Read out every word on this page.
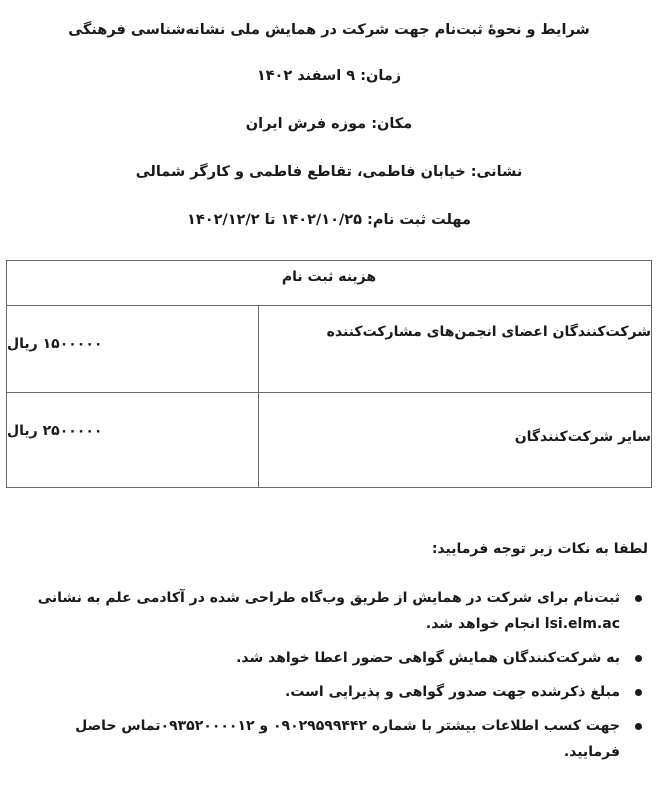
شرایط و نحوهٔ ثبت‌نام جهت شرکت در همایش ملی نشانه‌شناسی فرهنگی
زمان: ۹ اسفند ۱۴۰۲
مکان: موزه فرش ایران
نشانی: خیابان فاطمی، تقاطع فاطمی و کارگر شمالی
مهلت ثبت نام: ۱۴۰۲/۱۰/۲۵ تا ۱۴۰۲/۱۲/۲
هزینه ثبت نام	

شرکت‌کنندگان اعضای انجمن‌های مشارکت‌کننده	۱۵۰۰۰۰۰ ریال

سایر شرکت‌کنندگان	۲۵۰۰۰۰۰ ریال
لطفا به نکات زیر توجه فرمایید:
ثبت‌نام برای شرکت در همایش از طریق وب‌گاه طراحی شده در آکادمی علم به نشانی
lsi.elm.ac انجام خواهد شد.
به شرکت‌کنندگان همایش گواهی حضور اعطا خواهد شد.
مبلغ ذکرشده جهت صدور گواهی و پذیرایی است.
جهت کسب اطلاعات بیشتر با شماره ۰۹۰۲۹۵۹۹۴۴۲ و ۰۹۳۵۲۰۰۰۰۱۲تماس حاصل فرمایید.
